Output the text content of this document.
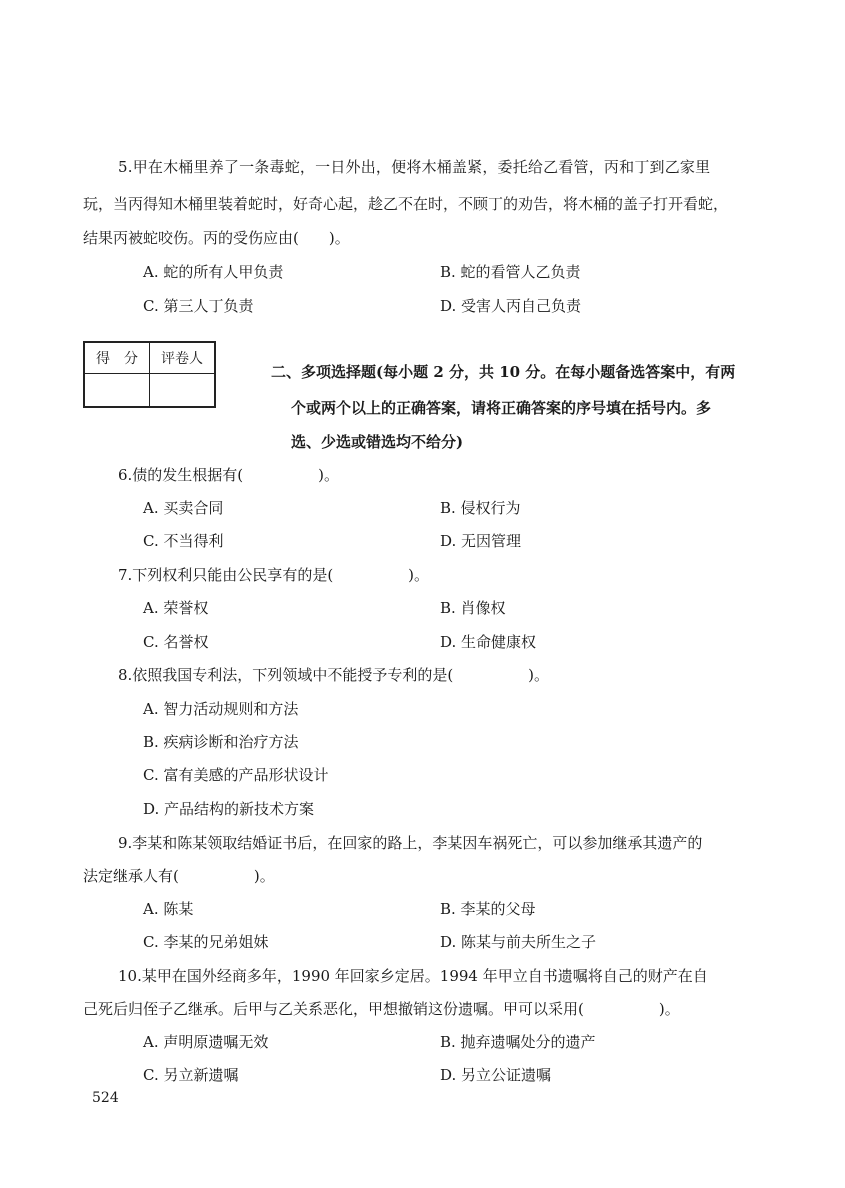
5.甲在木桶里养了一条毒蛇，一日外出，便将木桶盖紧，委托给乙看管，丙和丁到乙家里
玩，当丙得知木桶里装着蛇时，好奇心起，趁乙不在时，不顾丁的劝告，将木桶的盖子打开看蛇，
结果丙被蛇咬伤。丙的受伤应由(　　)。
A. 蛇的所有人甲负责	B. 蛇的看管人乙负责
C. 第三人丁负责	D. 受害人丙自己负责
得　分	评卷人

二、多项选择题(每小题 2 分，共 10 分。在每小题备选答案中，有两
个或两个以上的正确答案，请将正确答案的序号填在括号内。多
选、少选或错选均不给分)
6.债的发生根据有(　　　　　)。
A. 买卖合同	B. 侵权行为
C. 不当得利	D. 无因管理
7.下列权利只能由公民享有的是(　　　　　)。
A. 荣誉权	B. 肖像权
C. 名誉权	D. 生命健康权
8.依照我国专利法，下列领域中不能授予专利的是(　　　　　)。
A. 智力活动规则和方法
B. 疾病诊断和治疗方法
C. 富有美感的产品形状设计
D. 产品结构的新技术方案
9.李某和陈某领取结婚证书后，在回家的路上，李某因车祸死亡，可以参加继承其遗产的
法定继承人有(　　　　　)。
A. 陈某	B. 李某的父母
C. 李某的兄弟姐妹	D. 陈某与前夫所生之子
10.某甲在国外经商多年，1990 年回家乡定居。1994 年甲立自书遗嘱将自己的财产在自
己死后归侄子乙继承。后甲与乙关系恶化，甲想撤销这份遗嘱。甲可以采用(　　　　　)。
A. 声明原遗嘱无效	B. 抛弃遗嘱处分的遗产
C. 另立新遗嘱	D. 另立公证遗嘱
524
